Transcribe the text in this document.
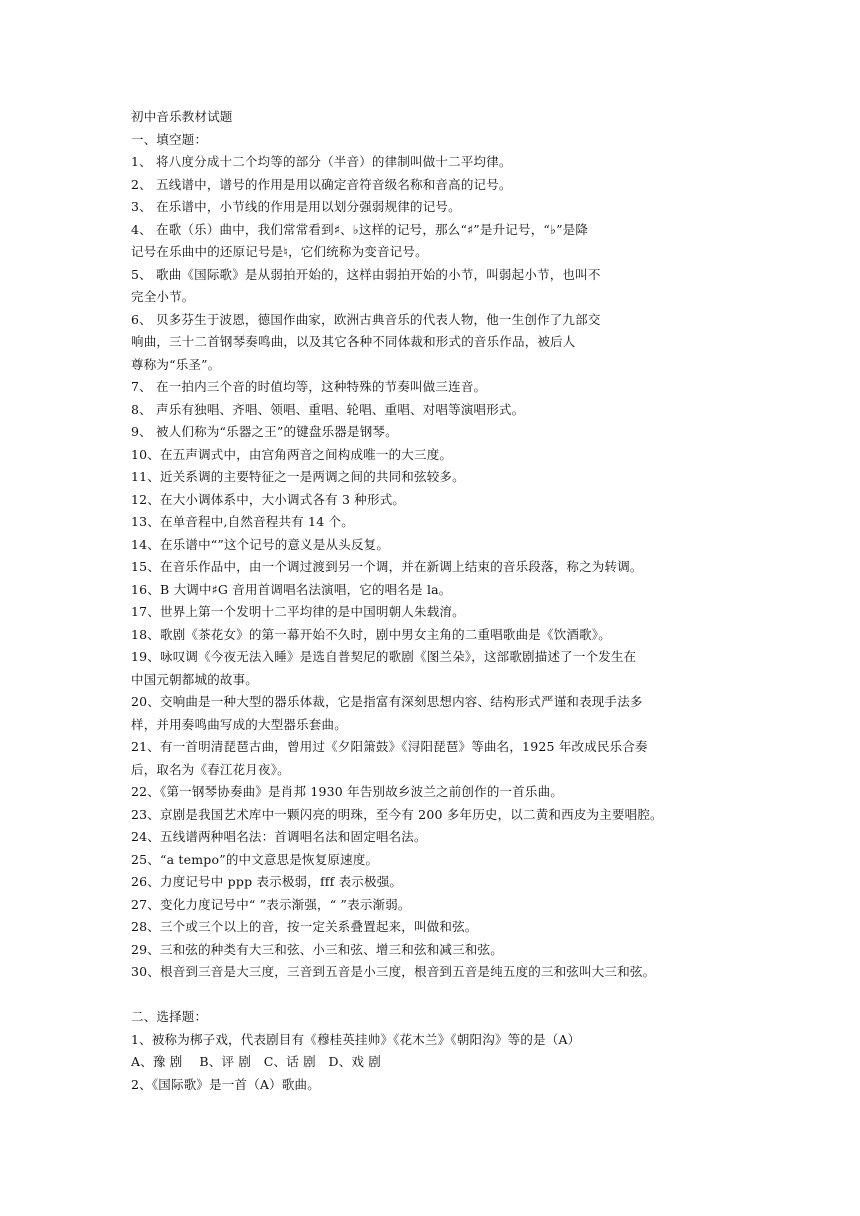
初中音乐教材试题
一、填空题：
1、 将八度分成十二个均等的部分（半音）的律制叫做十二平均律。
2、 五线谱中，谱号的作用是用以确定音符音级名称和音高的记号。
3、 在乐谱中，小节线的作用是用以划分强弱规律的记号。
4、 在歌（乐）曲中，我们常常看到♯、♭这样的记号，那么“♯”是升记号，“♭”是降
记号在乐曲中的还原记号是♮，它们统称为变音记号。
5、 歌曲《国际歌》是从弱拍开始的，这样由弱拍开始的小节，叫弱起小节，也叫不
完全小节。
6、 贝多芬生于波恩，德国作曲家，欧洲古典音乐的代表人物，他一生创作了九部交
响曲，三十二首钢琴奏鸣曲，以及其它各种不同体裁和形式的音乐作品，被后人
尊称为“乐圣”。
7、 在一拍内三个音的时值均等，这种特殊的节奏叫做三连音。
8、 声乐有独唱、齐唱、领唱、重唱、轮唱、重唱、对唱等演唱形式。
9、 被人们称为“乐器之王”的键盘乐器是钢琴。
10、在五声调式中，由宫角两音之间构成唯一的大三度。
11、近关系调的主要特征之一是两调之间的共同和弦较多。
12、在大小调体系中，大小调式各有 3 种形式。
13、在单音程中,自然音程共有 14 个。
14、在乐谱中“”这个记号的意义是从头反复。
15、在音乐作品中，由一个调过渡到另一个调，并在新调上结束的音乐段落，称之为转调。
16、B 大调中♯G 音用首调唱名法演唱，它的唱名是 la。
17、世界上第一个发明十二平均律的是中国明朝人朱载淯。
18、歌剧《茶花女》的第一幕开始不久时，剧中男女主角的二重唱歌曲是《饮酒歌》。
19、咏叹调《今夜无法入睡》是选自普契尼的歌剧《图兰朵》，这部歌剧描述了一个发生在
中国元朝都城的故事。
20、交响曲是一种大型的器乐体裁，它是指富有深刻思想内容、结构形式严谨和表现手法多
样，并用奏鸣曲写成的大型器乐套曲。
21、有一首明清琵琶古曲，曾用过《夕阳箫鼓》《浔阳琵琶》等曲名，1925 年改成民乐合奏
后，取名为《春江花月夜》。
22、《第一钢琴协奏曲》是肖邦 1930 年告别故乡波兰之前创作的一首乐曲。
23、京剧是我国艺术库中一颗闪亮的明珠，至今有 200 多年历史，以二黄和西皮为主要唱腔。
24、五线谱两种唱名法：首调唱名法和固定唱名法。
25、“a tempo”的中文意思是恢复原速度。
26、力度记号中 ppp 表示极弱，fff 表示极强。
27、变化力度记号中“ ”表示渐强，“ ”表示渐弱。
28、三个或三个以上的音，按一定关系叠置起来，叫做和弦。
29、三和弦的种类有大三和弦、小三和弦、增三和弦和减三和弦。
30、根音到三音是大三度，三音到五音是小三度，根音到五音是纯五度的三和弦叫大三和弦。
二、选择题：
1、被称为梆子戏，代表剧目有《穆桂英挂帅》《花木兰》《朝阳沟》等的是（A）
A、豫 剧　 B、评 剧　C、话 剧　D、戏 剧
2、《国际歌》是一首（A）歌曲。
